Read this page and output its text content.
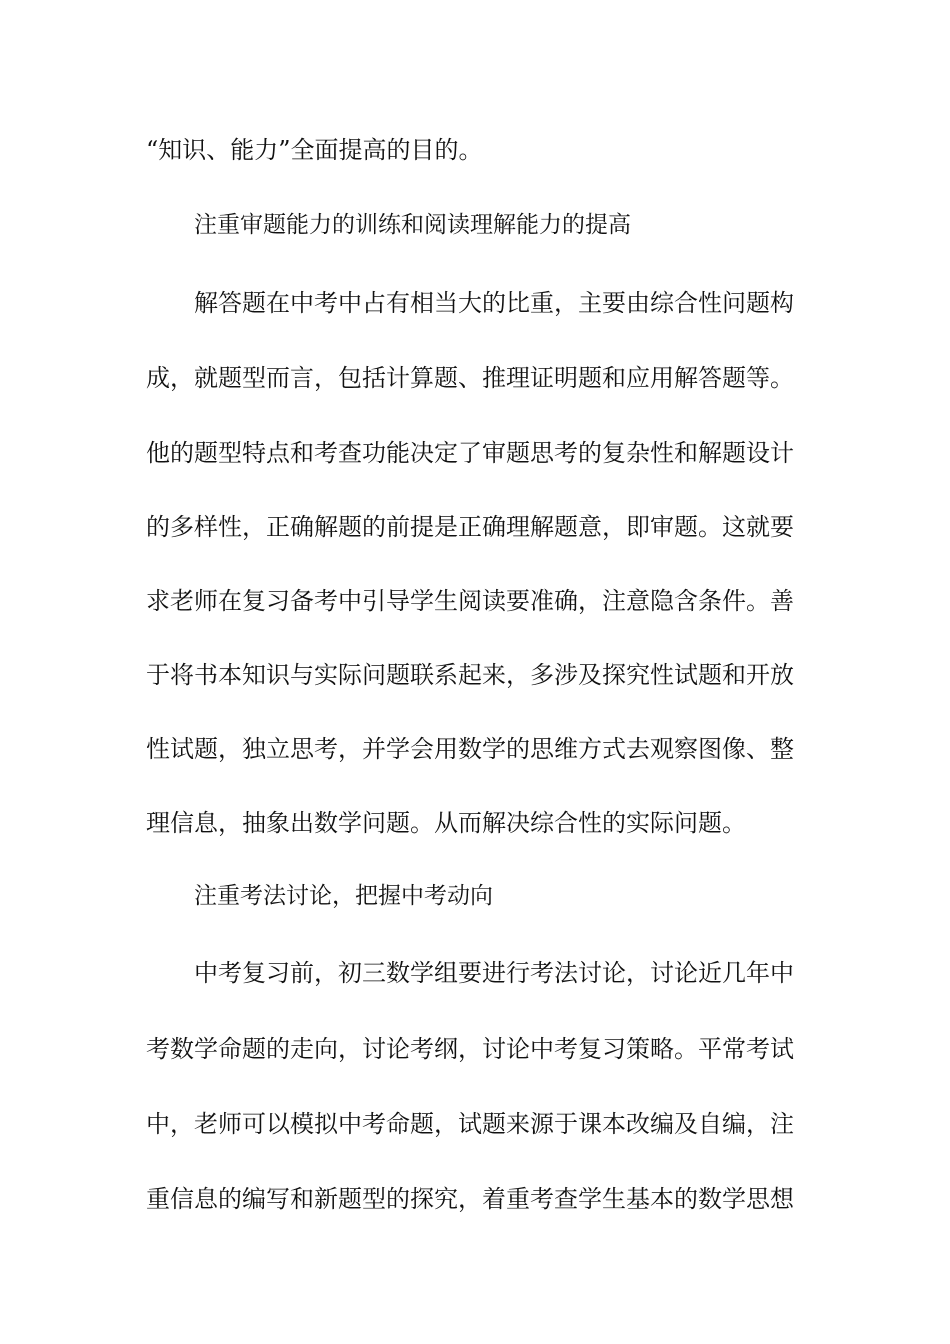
“知识、能力”全面提高的目的。
注重审题能力的训练和阅读理解能力的提高
解答题在中考中占有相当大的比重，主要由综合性问题构
成，就题型而言，包括计算题、推理证明题和应用解答题等。
他的题型特点和考查功能决定了审题思考的复杂性和解题设计
的多样性，正确解题的前提是正确理解题意，即审题。这就要
求老师在复习备考中引导学生阅读要准确，注意隐含条件。善
于将书本知识与实际问题联系起来，多涉及探究性试题和开放
性试题，独立思考，并学会用数学的思维方式去观察图像、整
理信息，抽象出数学问题。从而解决综合性的实际问题。
注重考法讨论，把握中考动向
中考复习前，初三数学组要进行考法讨论，讨论近几年中
考数学命题的走向，讨论考纲，讨论中考复习策略。平常考试
中，老师可以模拟中考命题，试题来源于课本改编及自编，注
重信息的编写和新题型的探究，着重考查学生基本的数学思想
